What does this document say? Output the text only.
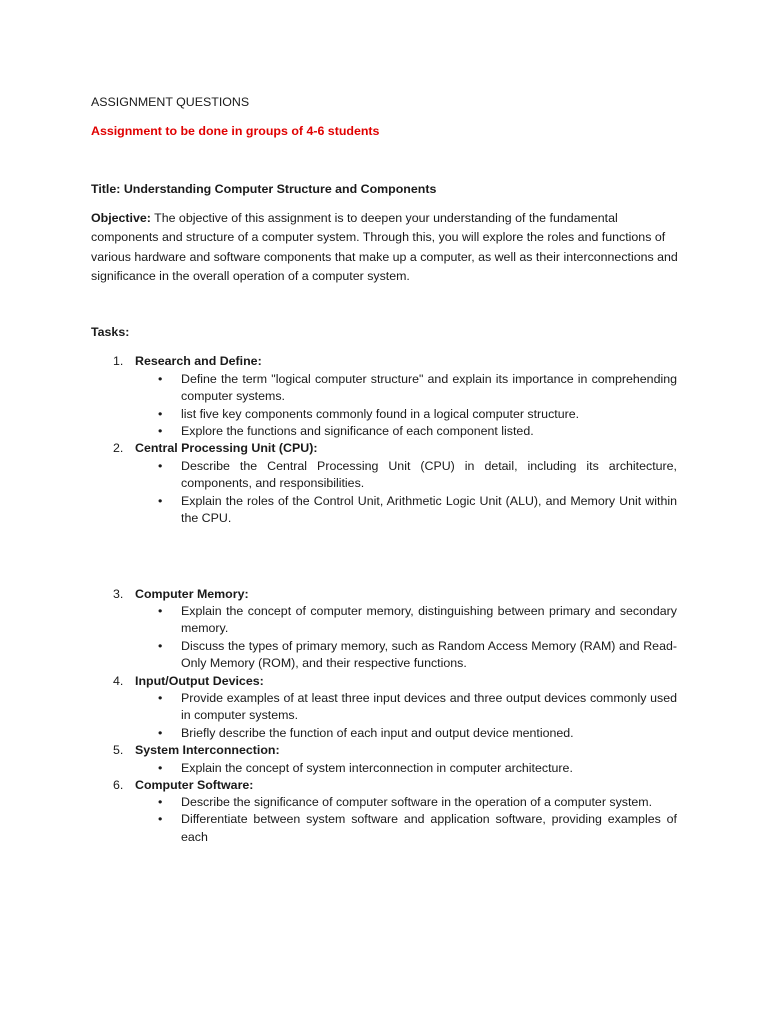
ASSIGNMENT QUESTIONS
Assignment to be done in groups of 4-6 students
Title: Understanding Computer Structure and Components
Objective: The objective of this assignment is to deepen your understanding of the fundamental components and structure of a computer system. Through this, you will explore the roles and functions of various hardware and software components that make up a computer, as well as their interconnections and significance in the overall operation of a computer system.
Tasks:
1. Research and Define:
•	Define the term "logical computer structure" and explain its importance in comprehending computer systems.
•	list five key components commonly found in a logical computer structure.
•	Explore the functions and significance of each component listed.
2. Central Processing Unit (CPU):
•	Describe the Central Processing Unit (CPU) in detail, including its architecture, components, and responsibilities.
•	Explain the roles of the Control Unit, Arithmetic Logic Unit (ALU), and Memory Unit within the CPU.
3. Computer Memory:
•	Explain the concept of computer memory, distinguishing between primary and secondary memory.
•	Discuss the types of primary memory, such as Random Access Memory (RAM) and Read-Only Memory (ROM), and their respective functions.
4. Input/Output Devices:
•	Provide examples of at least three input devices and three output devices commonly used in computer systems.
•	Briefly describe the function of each input and output device mentioned.
5. System Interconnection:
•	Explain the concept of system interconnection in computer architecture.
6. Computer Software:
•	Describe the significance of computer software in the operation of a computer system.
•	Differentiate between system software and application software, providing examples of each
